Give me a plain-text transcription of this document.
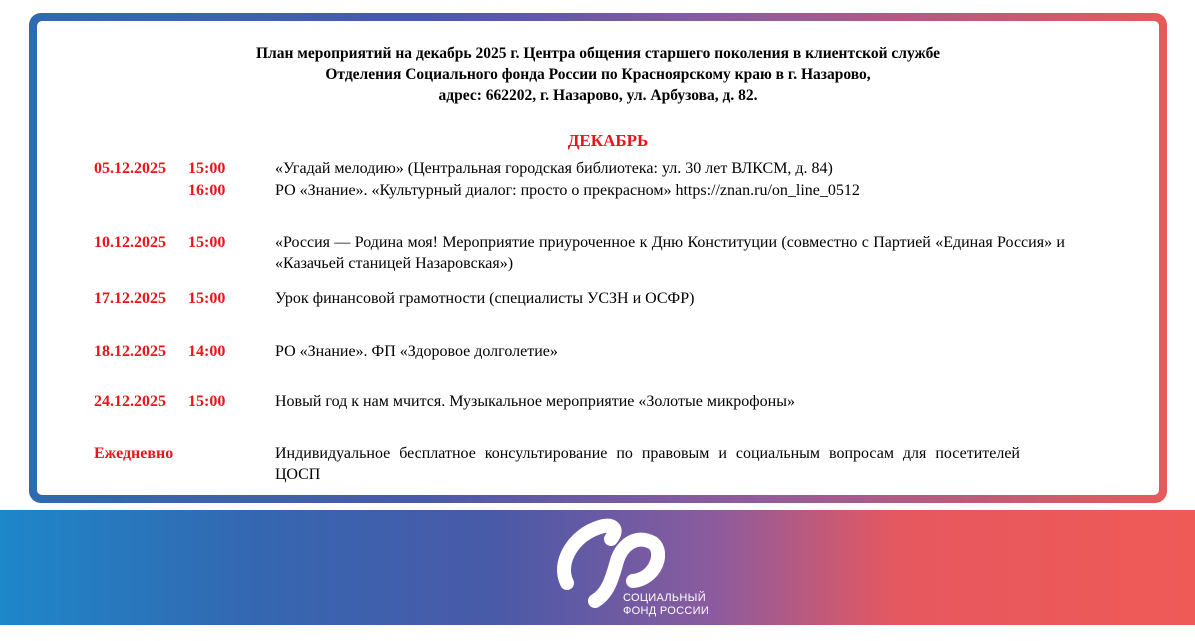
План мероприятий на декабрь 2025 г. Центра общения старшего поколения в клиентской службе
Отделения Социального фонда России по Красноярскому краю в г. Назарово,
адрес: 662202, г. Назарово, ул. Арбузова, д. 82.
ДЕКАБРЬ
05.12.2025 15:00	«Угадай мелодию» (Центральная городская библиотека: ул. 30 лет ВЛКСМ, д. 84)
16:00	РО «Знание». «Культурный диалог: просто о прекрасном» https://znan.ru/on_line_0512
10.12.2025 15:00	«Россия — Родина моя! Мероприятие приуроченное к Дню Конституции (совместно с Партией «Единая Россия» и «Казачьей станицей Назаровская»)
17.12.2025 15:00	Урок финансовой грамотности (специалисты УСЗН и ОСФР)
18.12.2025 14:00	РО «Знание». ФП «Здоровое долголетие»
24.12.2025 15:00	Новый год к нам мчится. Музыкальное мероприятие «Золотые микрофоны»
Ежедневно	Индивидуальное бесплатное консультирование по правовым и социальным вопросам для посетителей ЦОСП
СОЦИАЛЬНЫЙ
ФОНД РОССИИ
